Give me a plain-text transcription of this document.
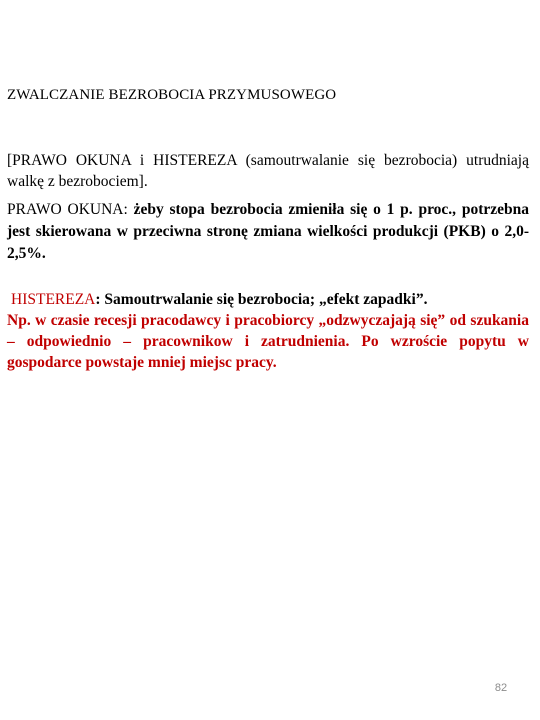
ZWALCZANIE BEZROBOCIA PRZYMUSOWEGO

[PRAWO OKUNA i HISTEREZA (samoutrwalanie się bezrobocia) utrudniają walkę z bezrobociem].

PRAWO OKUNA: żeby stopa bezrobocia zmieniła się o 1 p. proc., potrzebna jest skierowana w przeciwna stronę zmiana wielkości produkcji (PKB) o 2,0-2,5%.

HISTEREZA: Samoutrwalanie się bezrobocia; „efekt zapadki”.
Np. w czasie recesji pracodawcy i pracobiorcy „odzwyczajają się” od szukania – odpowiednio – pracownikow i zatrudnienia. Po wzroście popytu w gospodarce powstaje mniej miejsc pracy.
82
